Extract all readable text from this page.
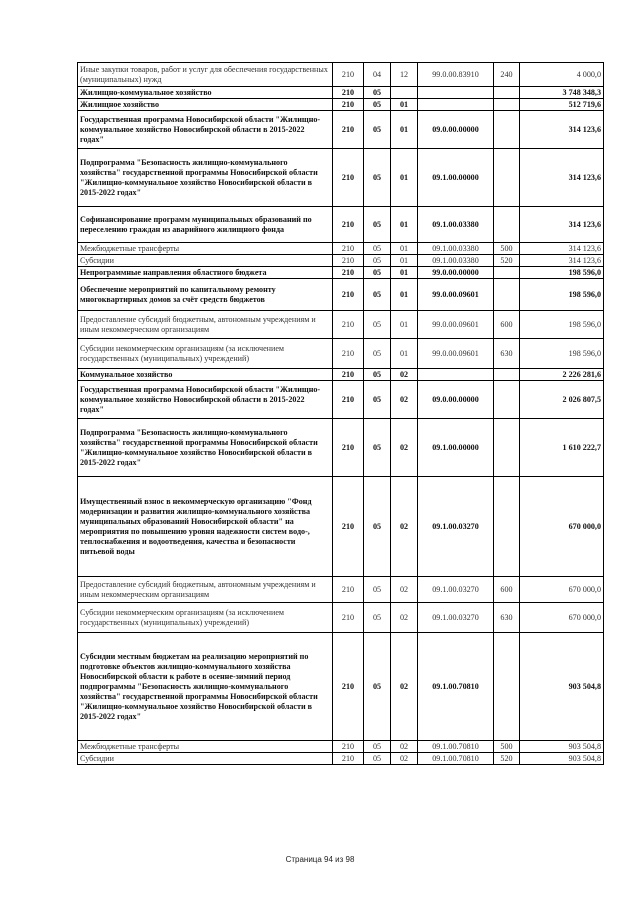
Иные закупки товаров, работ и услуг для обеспечения государственных (муниципальных) нужд	210	04	12	99.0.00.83910	240	4 000,0
Жилищно-коммунальное хозяйство	210	05				3 748 348,3
Жилищное хозяйство	210	05	01			512 719,6
Государственная программа Новосибирской области "Жилищно-коммунальное хозяйство Новосибирской области в 2015-2022 годах"	210	05	01	09.0.00.00000		314 123,6
Подпрограмма "Безопасность жилищно-коммунального хозяйства" государственной программы Новосибирской области "Жилищно-коммунальное хозяйство Новосибирской области в 2015-2022 годах"	210	05	01	09.1.00.00000		314 123,6
Софинансирование программ муниципальных образований по переселению граждан из аварийного жилищного фонда	210	05	01	09.1.00.03380		314 123,6
Межбюджетные трансферты	210	05	01	09.1.00.03380	500	314 123,6
Субсидии	210	05	01	09.1.00.03380	520	314 123,6
Непрограммные направления областного бюджета	210	05	01	99.0.00.00000		198 596,0
Обеспечение мероприятий по капитальному ремонту многоквартирных домов за счёт средств бюджетов	210	05	01	99.0.00.09601		198 596,0
Предоставление субсидий бюджетным, автономным учреждениям и иным некоммерческим организациям	210	05	01	99.0.00.09601	600	198 596,0
Субсидии некоммерческим организациям (за исключением государственных (муниципальных) учреждений)	210	05	01	99.0.00.09601	630	198 596,0
Коммунальное хозяйство	210	05	02			2 226 281,6
Государственная программа Новосибирской области "Жилищно-коммунальное хозяйство Новосибирской области в 2015-2022 годах"	210	05	02	09.0.00.00000		2 026 807,5
Подпрограмма "Безопасность жилищно-коммунального хозяйства" государственной программы Новосибирской области "Жилищно-коммунальное хозяйство Новосибирской области в 2015-2022 годах"	210	05	02	09.1.00.00000		1 610 222,7
Имущественный взнос в некоммерческую организацию "Фонд модернизации и развития жилищно-коммунального хозяйства муниципальных образований Новосибирской области" на мероприятия по повышению уровня надежности систем водо-, теплоснабжения и водоотведения, качества и безопасности питьевой воды	210	05	02	09.1.00.03270		670 000,0
Предоставление субсидий бюджетным, автономным учреждениям и иным некоммерческим организациям	210	05	02	09.1.00.03270	600	670 000,0
Субсидии некоммерческим организациям (за исключением государственных (муниципальных) учреждений)	210	05	02	09.1.00.03270	630	670 000,0
Субсидии местным бюджетам на реализацию мероприятий по подготовке объектов жилищно-коммунального хозяйства Новосибирской области к работе в осенне-зимний период подпрограммы "Безопасность жилищно-коммунального хозяйства" государственной программы Новосибирской области "Жилищно-коммунальное хозяйство Новосибирской области в 2015-2022 годах"	210	05	02	09.1.00.70810		903 504,8
Межбюджетные трансферты	210	05	02	09.1.00.70810	500	903 504,8
Субсидии	210	05	02	09.1.00.70810	520	903 504,8
Страница 94 из 98
